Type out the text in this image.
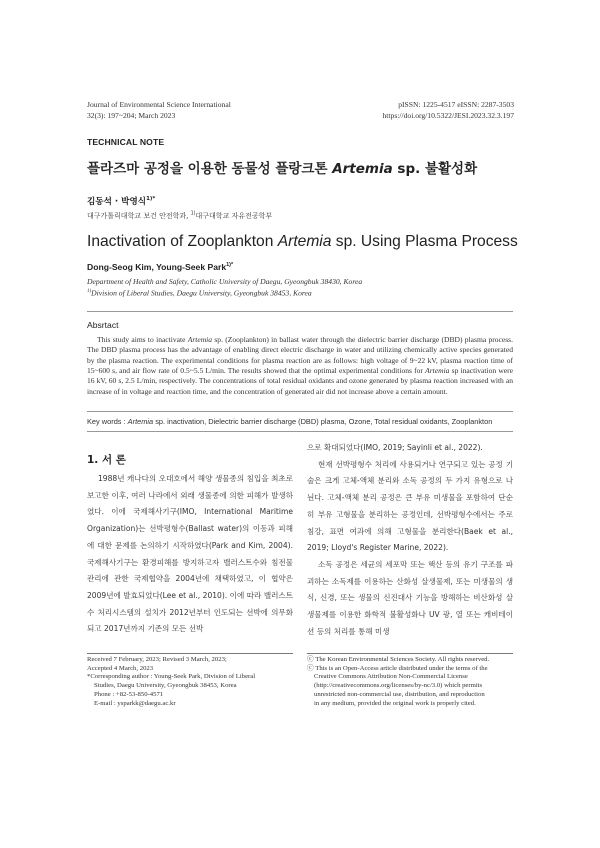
Journal of Environmental Science International
32(3): 197~204; March 2023
pISSN: 1225-4517 eISSN: 2287-3503
https://doi.org/10.5322/JESI.2023.32.3.197
TECHNICAL NOTE
플라즈마 공정을 이용한 동물성 플랑크톤 Artemia sp. 불활성화
김동석 · 박영식$^{1)*}$
대구가톨릭대학교 보건 안전학과, $^{1)}$대구대학교 자유전공학부
Inactivation of Zooplankton Artemia sp. Using Plasma Process
Dong-Seog Kim, Young-Seek Park$^{1)*}$
Department of Health and Safety, Catholic University of Daegu, Gyeongbuk 38430, Korea
$^{1)}$Division of Liberal Studies, Daegu University, Gyeongbuk 38453, Korea
Absrtact
This study aims to inactivate Artemia sp. (Zooplankton) in ballast water through the dielectric barrier discharge (DBD) plasma process. The DBD plasma process has the advantage of enabling direct electric discharge in water and utilizing chemically active species generated by the plasma reaction. The experimental conditions for plasma reaction are as follows: high voltage of 9~22 kV, plasma reaction time of 15~600 s, and air flow rate of 0.5~5.5 L/min. The results showed that the optimal experimental conditions for Artemia sp inactivation were 16 kV, 60 s, 2.5 L/min, respectively. The concentrations of total residual oxidants and ozone generated by plasma reaction increased with an increase of in voltage and reaction time, and the concentration of generated air did not increase above a certain amount.
Key words : Artemia sp. inactivation, Dielectric barrier discharge (DBD) plasma, Ozone, Total residual oxidants, Zooplankton
1. 서 론

1988년 캐나다의 오대호에서 해양 생물종의 침입을 최초로 보고한 이후, 여러 나라에서 외래 생물종에 의한 피해가 발생하였다. 이에 국제해사기구(IMO, International Maritime Organization)는 선박평형수(Ballast water)의 이동과 피해에 대한 문제를 논의하기 시작하였다(Park and Kim, 2004). 국제해사기구는 환경피해를 방지하고자 밸러스트수와 침전물 관리에 관한 국제협약을 2004년에 채택하였고, 이 협약은 2009년에 발효되었다(Lee et al., 2010). 이에 따라 밸러스트수 처리시스템의 설치가 2012년부터 인도되는 선박에 의무화되고 2017년까지 기존의 모든 선박

으로 확대되었다(IMO, 2019; Sayinli et al., 2022).

현재 선박평형수 처리에 사용되거나 연구되고 있는 공정 기술은 크게 고체-액체 분리와 소독 공정의 두 가지 유형으로 나뉜다. 고체-액체 분리 공정은 큰 부유 미생물을 포함하여 단순히 부유 고형물을 분리하는 공정인데, 선박평형수에서는 주로 침강, 표면 여과에 의해 고형물을 분리한다(Baek et al., 2019; Lloyd's Register Marine, 2022).

소독 공정은 세균의 세포막 또는 핵산 등의 유기 구조를 파괴하는 소독제를 이용하는 산화성 살생물제, 또는 미생물의 생식, 신경, 또는 생물의 신진대사 기능을 방해하는 비산화성 살생물제를 이용한 화학적 불활성화나 UV 광, 열 또는 캐비테이션 등의 처리를 통해 미생

Received 7 February, 2023; Revised 3 March, 2023;
Accepted 4 March, 2023
*Corresponding author : Young-Seek Park, Division of Liberal
Studies, Daegu University, Gyeongbuk 38453, Korea
Phone : +82-53-850-4571
E-mail : ysparkk@daegu.ac.kr
ⓒ The Korean Environmental Sciences Society. All rights reserved.
ⓒ This is an Open-Access article distributed under the terms of the
Creative Commons Attribution Non-Commercial License
(http://creativecommons.org/licenses/by-nc/3.0) which permits
unrestricted non-commercial use, distribution, and reproduction
in any medium, provided the original work is properly cited.
